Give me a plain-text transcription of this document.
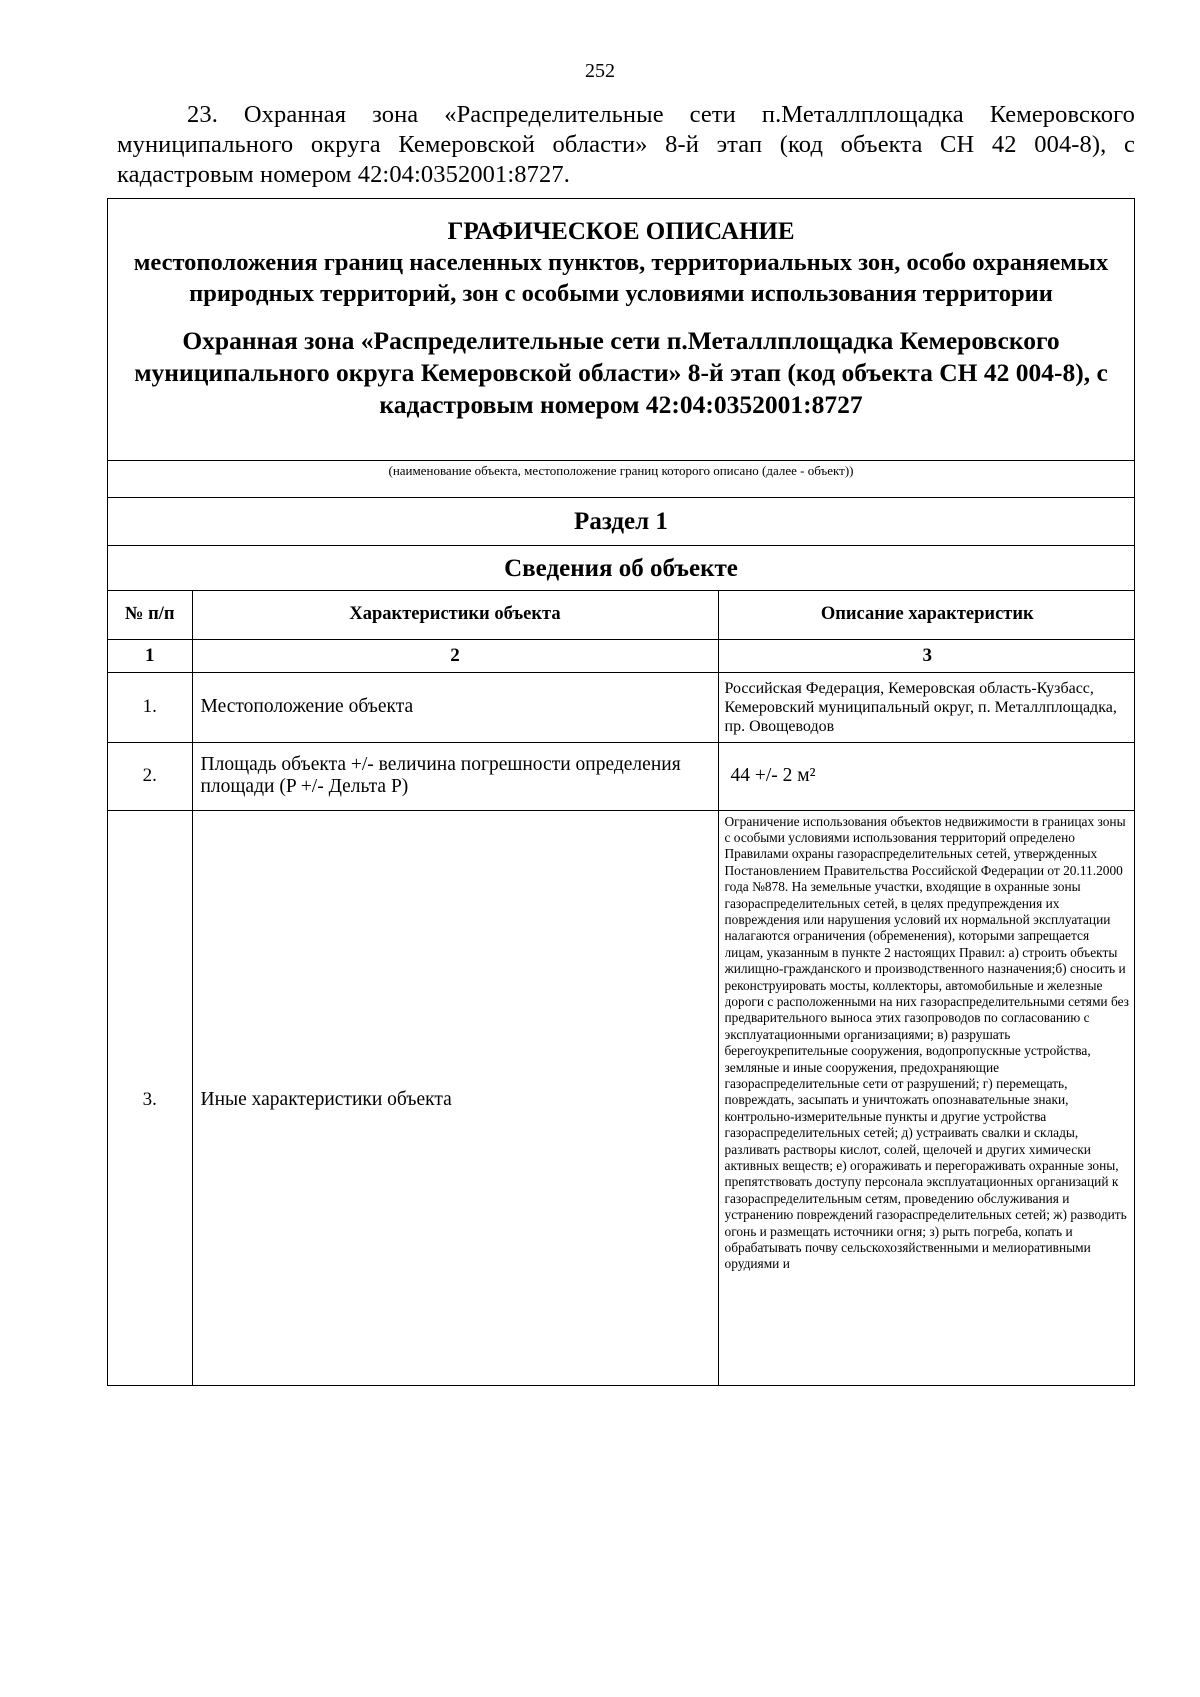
252
23. Охранная зона «Распределительные сети п.Металлплощадка Кемеровского муниципального округа Кемеровской области» 8-й этап (код объекта СН 42 004-8), с кадастровым номером 42:04:0352001:8727.
ГРАФИЧЕСКОЕ ОПИСАНИЕ
местоположения границ населенных пунктов, территориальных зон, особо охраняемых природных территорий, зон с особыми условиями использования территории
Охранная зона «Распределительные сети п.Металлплощадка Кемеровского муниципального округа Кемеровской области» 8-й этап (код объекта СН 42 004-8), с кадастровым номером 42:04:0352001:8727
(наименование объекта, местоположение границ которого описано (далее - объект))
Раздел 1
Сведения об объекте
№ п/п	Характеристики объекта	Описание характеристик
1	2	3
1.	Местоположение объекта	Российская Федерация, Кемеровская область-Кузбасс, Кемеровский муниципальный округ, п. Металлплощадка, пр. Овощеводов
2.	Площадь объекта +/- величина погрешности определения площади (P +/- Дельта P)	44 +/- 2 м²
3.	Иные характеристики объекта	Ограничение использования объектов недвижимости в границах зоны с особыми условиями использования территорий определено Правилами охраны газораспределительных сетей, утвержденных Постановлением Правительства Российской Федерации от 20.11.2000 года №878. На земельные участки, входящие в охранные зоны газораспределительных сетей, в целях предупреждения их повреждения или нарушения условий их нормальной эксплуатации налагаются ограничения (обременения), которыми запрещается лицам, указанным в пункте 2 настоящих Правил: а) строить объекты жилищно-гражданского и производственного назначения;б) сносить и реконструировать мосты, коллекторы, автомобильные и железные дороги с расположенными на них газораспределительными сетями без предварительного выноса этих газопроводов по согласованию с эксплуатационными организациями; в) разрушать берегоукрепительные сооружения, водопропускные устройства, земляные и иные сооружения, предохраняющие газораспределительные сети от разрушений; г) перемещать, повреждать, засыпать и уничтожать опознавательные знаки, контрольно-измерительные пункты и другие устройства газораспределительных сетей; д) устраивать свалки и склады, разливать растворы кислот, солей, щелочей и других химически активных веществ; е) огораживать и перегораживать охранные зоны, препятствовать доступу персонала эксплуатационных организаций к газораспределительным сетям, проведению обслуживания и устранению повреждений газораспределительных сетей; ж) разводить огонь и размещать источники огня; з) рыть погреба, копать и обрабатывать почву сельскохозяйственными и мелиоративными орудиями и
